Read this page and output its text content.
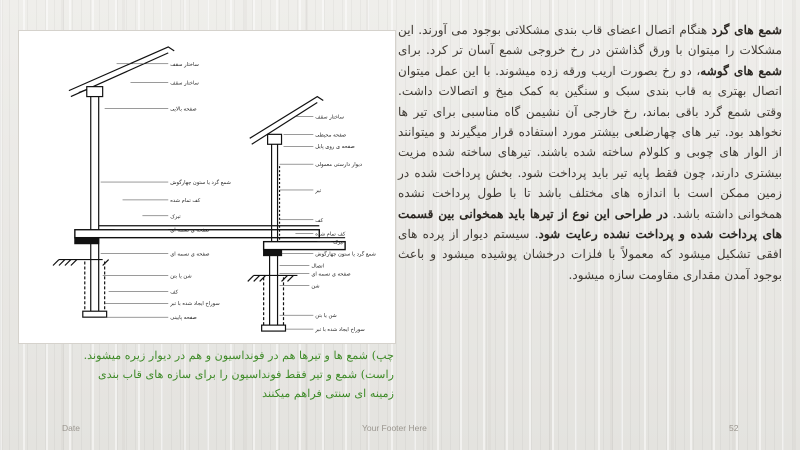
شمع های گرد هنگام اتصال اعضای قاب بندی مشکلاتی بوجود می آورند. این مشکلات را میتوان با ورق گذاشتن در رخ خروجی شمع آسان تر کرد. برای شمع های گوشه، دو رخ بصورت اریب ورقه زده میشوند. با این عمل میتوان اتصال بهتری به قاب بندی سبک و سنگین به کمک میخ و اتصالات داشت. وقتی شمع گرد باقی بماند، رخ خارجی آن نشیمن گاه مناسبی برای تیر ها نخواهد بود. تیر های چهارضلعی بیشتر مورد استفاده قرار میگیرند و میتوانند از الوار های چوبی و کلولام ساخته شده باشند. تیرهای ساخته شده مزیت بیشتری دارند، چون فقط پایه تیر باید پرداخت شود. بخش پرداخت شده در زمین ممکن است با اندازه های مختلف باشد تا با طول پرداخت نشده همخوانی داشته باشد. در طراحی این نوع از تیرها باید همخوانی بین قسمت های پرداخت شده و پرداخت نشده رعایت شود. سیستم دیوار از پرده های افقی تشکیل میشود که معمولاً با فلزات درخشان پوشیده میشود و باعث بوجود آمدن مقداری مقاومت سازه میشود.
ساختار سقف
ساختار سقف
صفحه بالایی
شمع گرد یا ستون چهارگوش
کف تمام شده
تیرک
صفحه ی تسمه ای
صفحه ی تسمه ای
شن یا بتن
کف
سوراخ ایجاد شده با تبر
صفحه پایینی
ساختار سقف
صفحه محیطی
صفحه ی روی پایل
دیوار دارستی معمولی
تیر
کف
کف تمام شده
تیرک
شمع گرد یا ستون چهارگوش
اتصال
صفحه ی تسمه ای
شن
شن یا بتن
سوراخ ایجاد شده با تبر
چپ) شمع ها و تیرها هم در فونداسیون و هم در دیوار زیره میشوند.
راست) شمع و تیر فقط فونداسیون را برای سازه های قاب بندی
زمینه ای سنتی فراهم میکنند
Date	Your Footer Here	52
